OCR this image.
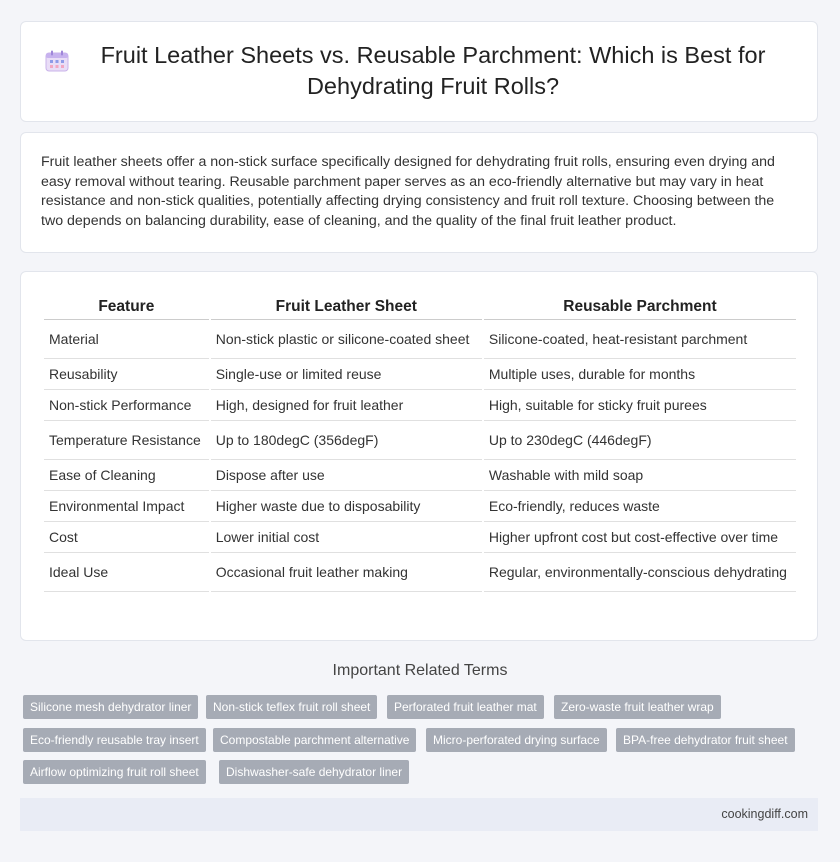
Fruit Leather Sheets vs. Reusable Parchment: Which is Best for Dehydrating Fruit Rolls?

Fruit leather sheets offer a non-stick surface specifically designed for dehydrating fruit rolls, ensuring even drying and easy removal without tearing. Reusable parchment paper serves as an eco-friendly alternative but may vary in heat resistance and non-stick qualities, potentially affecting drying consistency and fruit roll texture. Choosing between the two depends on balancing durability, ease of cleaning, and the quality of the final fruit leather product.

Feature	Fruit Leather Sheet	Reusable Parchment
Material	Non-stick plastic or silicone-coated sheet	Silicone-coated, heat-resistant parchment
Reusability	Single-use or limited reuse	Multiple uses, durable for months
Non-stick Performance	High, designed for fruit leather	High, suitable for sticky fruit purees
Temperature Resistance	Up to 180degC (356degF)	Up to 230degC (446degF)
Ease of Cleaning	Dispose after use	Washable with mild soap
Environmental Impact	Higher waste due to disposability	Eco-friendly, reduces waste
Cost	Lower initial cost	Higher upfront cost but cost-effective over time
Ideal Use	Occasional fruit leather making	Regular, environmentally-conscious dehydrating
Important Related Terms
Silicone mesh dehydrator liner	Non-stick teflex fruit roll sheet	Perforated fruit leather mat	Zero-waste fruit leather wrap
Eco-friendly reusable tray insert	Compostable parchment alternative	Micro-perforated drying surface	BPA-free dehydrator fruit sheet
Airflow optimizing fruit roll sheet	Dishwasher-safe dehydrator liner
cookingdiff.com
